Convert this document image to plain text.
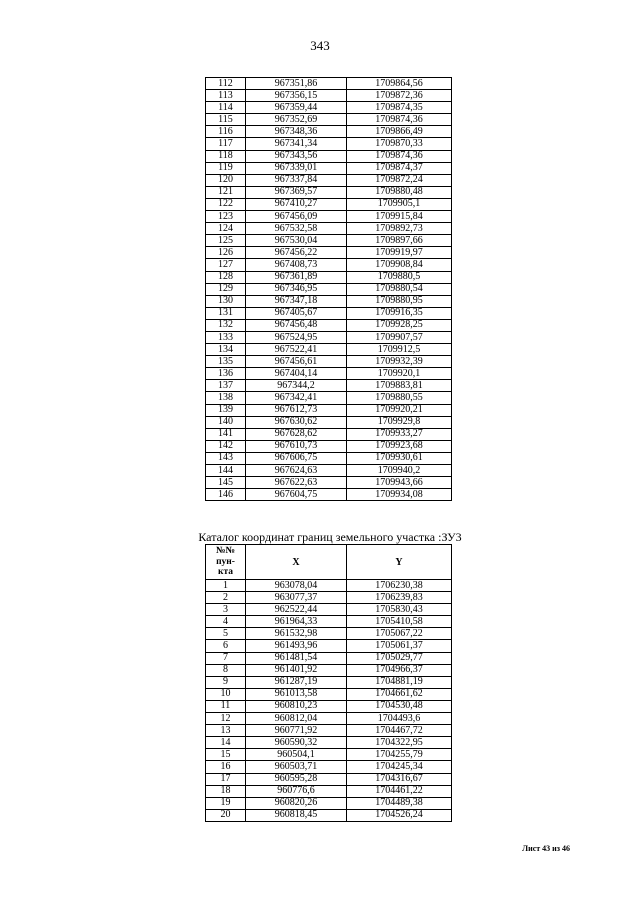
343
112	967351,86	1709864,56
113	967356,15	1709872,36
114	967359,44	1709874,35
115	967352,69	1709874,36
116	967348,36	1709866,49
117	967341,34	1709870,33
118	967343,56	1709874,36
119	967339,01	1709874,37
120	967337,84	1709872,24
121	967369,57	1709880,48
122	967410,27	1709905,1
123	967456,09	1709915,84
124	967532,58	1709892,73
125	967530,04	1709897,66
126	967456,22	1709919,97
127	967408,73	1709908,84
128	967361,89	1709880,5
129	967346,95	1709880,54
130	967347,18	1709880,95
131	967405,67	1709916,35
132	967456,48	1709928,25
133	967524,95	1709907,57
134	967522,41	1709912,5
135	967456,61	1709932,39
136	967404,14	1709920,1
137	967344,2	1709883,81
138	967342,41	1709880,55
139	967612,73	1709920,21
140	967630,62	1709929,8
141	967628,62	1709933,27
142	967610,73	1709923,68
143	967606,75	1709930,61
144	967624,63	1709940,2
145	967622,63	1709943,66
146	967604,75	1709934,08
Каталог координат границ земельного участка :ЗУ3
№№
пун-
кта	X	Y
1	963078,04	1706230,38
2	963077,37	1706239,83
3	962522,44	1705830,43
4	961964,33	1705410,58
5	961532,98	1705067,22
6	961493,96	1705061,37
7	961481,54	1705029,77
8	961401,92	1704966,37
9	961287,19	1704881,19
10	961013,58	1704661,62
11	960810,23	1704530,48
12	960812,04	1704493,6
13	960771,92	1704467,72
14	960590,32	1704322,95
15	960504,1	1704255,79
16	960503,71	1704245,34
17	960595,28	1704316,67
18	960776,6	1704461,22
19	960820,26	1704489,38
20	960818,45	1704526,24
Лист 43 из 46
